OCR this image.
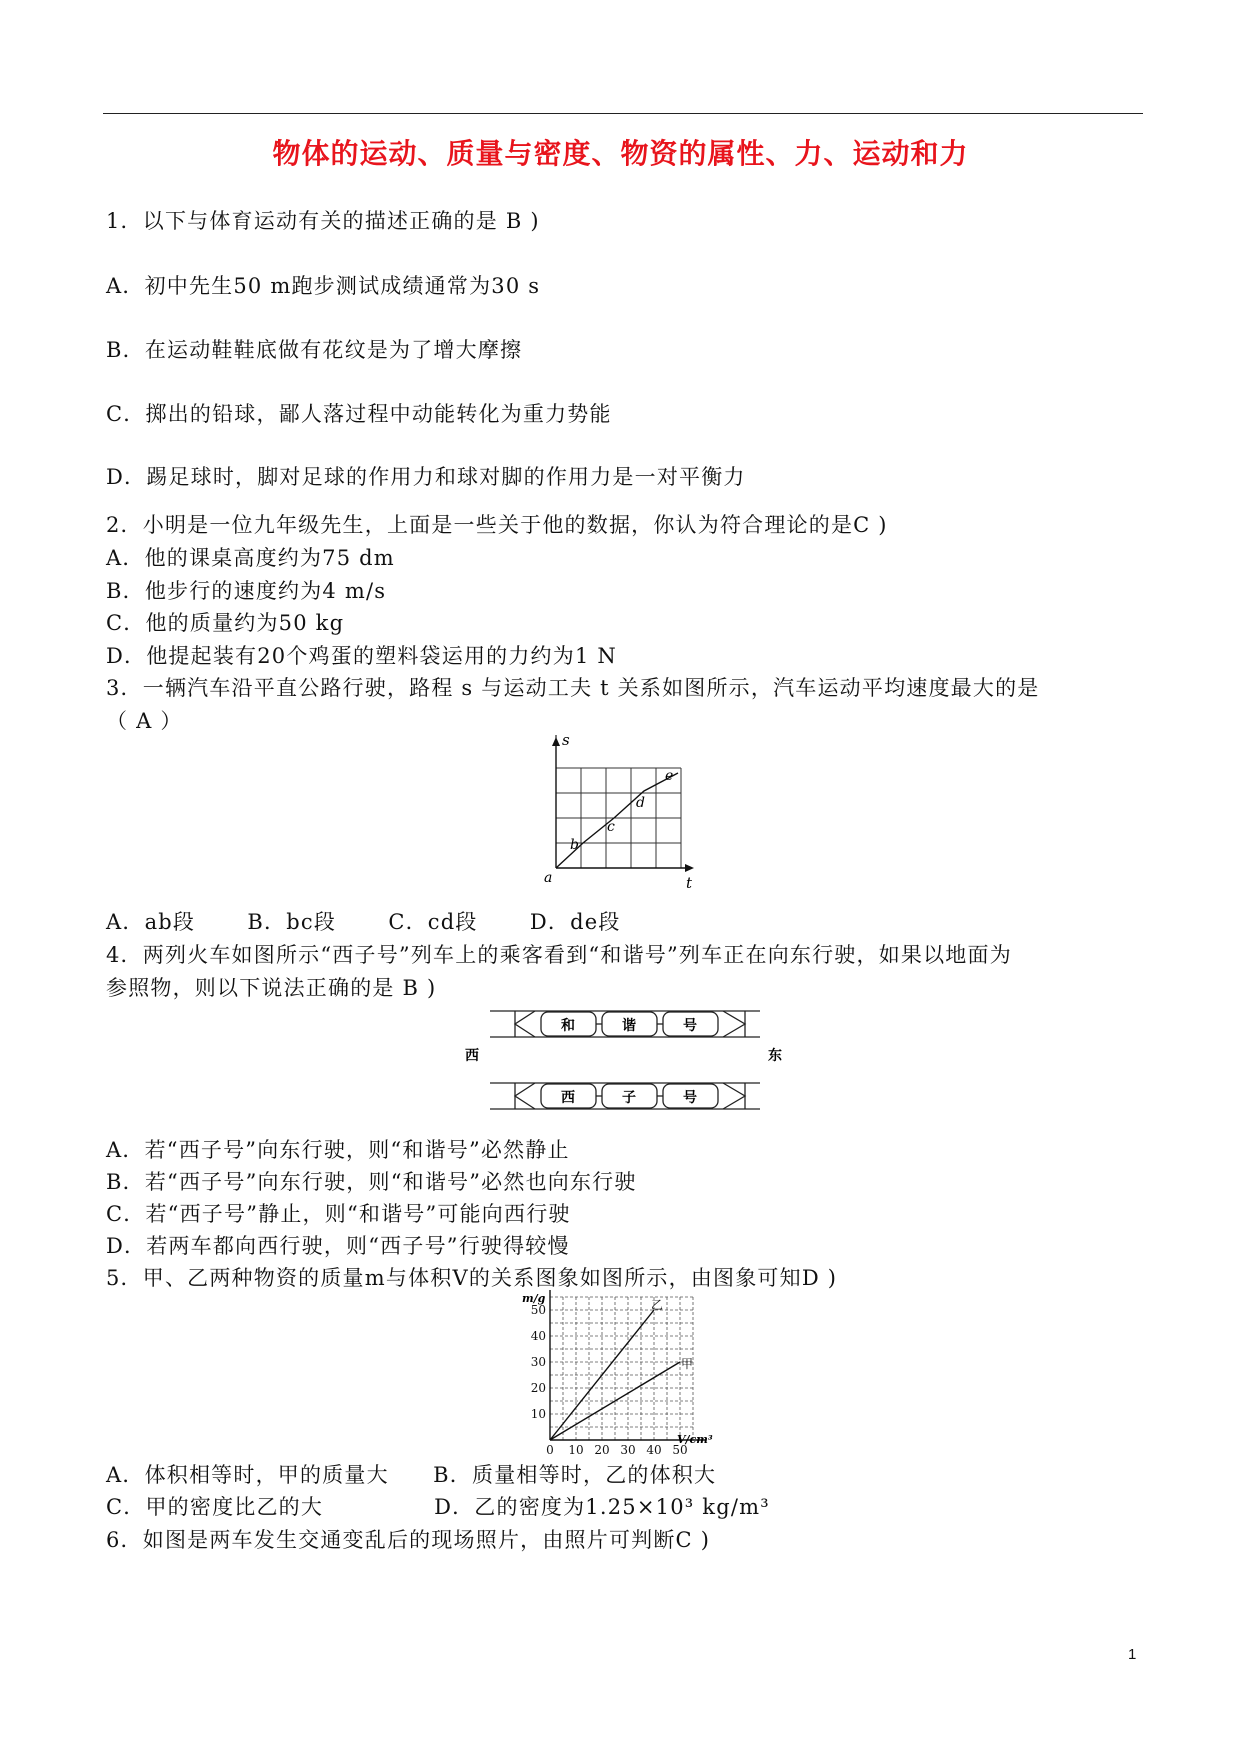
物体的运动、质量与密度、物资的属性、力、运动和力
1．以下与体育运动有关的描述正确的是 B )
A．初中先生50 m跑步测试成绩通常为30 s
B．在运动鞋鞋底做有花纹是为了增大摩擦
C．掷出的铅球，鄙人落过程中动能转化为重力势能
D．踢足球时，脚对足球的作用力和球对脚的作用力是一对平衡力
2．小明是一位九年级先生，上面是一些关于他的数据，你认为符合理论的是C )
A．他的课桌高度约为75 dm
B．他步行的速度约为4 m/s
C．他的质量约为50 kg
D．他提起装有20个鸡蛋的塑料袋运用的力约为1 N
3．一辆汽车沿平直公路行驶，路程 s 与运动工夫 t 关系如图所示，汽车运动平均速度最大的是
（ A ）
s
t
a
b
c
d
e
A．ab段　　 B．bc段　　 C．cd段　　 D．de段
4．两列火车如图所示“西子号”列车上的乘客看到“和谐号”列车正在向东行驶，如果以地面为
参照物，则以下说法正确的是 B )
和	谐	号
西	东
西	子	号
A．若“西子号”向东行驶，则“和谐号”必然静止
B．若“西子号”向东行驶，则“和谐号”必然也向东行驶
C．若“西子号”静止，则“和谐号”可能向西行驶
D．若两车都向西行驶，则“西子号”行驶得较慢
5．甲、乙两种物资的质量m与体积V的关系图象如图所示，由图象可知D )
乙
甲
10
20
30
40
50
0 10 20 30 40 50
m/g
V/cm³
A．体积相等时，甲的质量大　　B．质量相等时，乙的体积大
C．甲的密度比乙的大　　　　　D．乙的密度为1.25×10³ kg/m³
6．如图是两车发生交通变乱后的现场照片，由照片可判断C )
1
